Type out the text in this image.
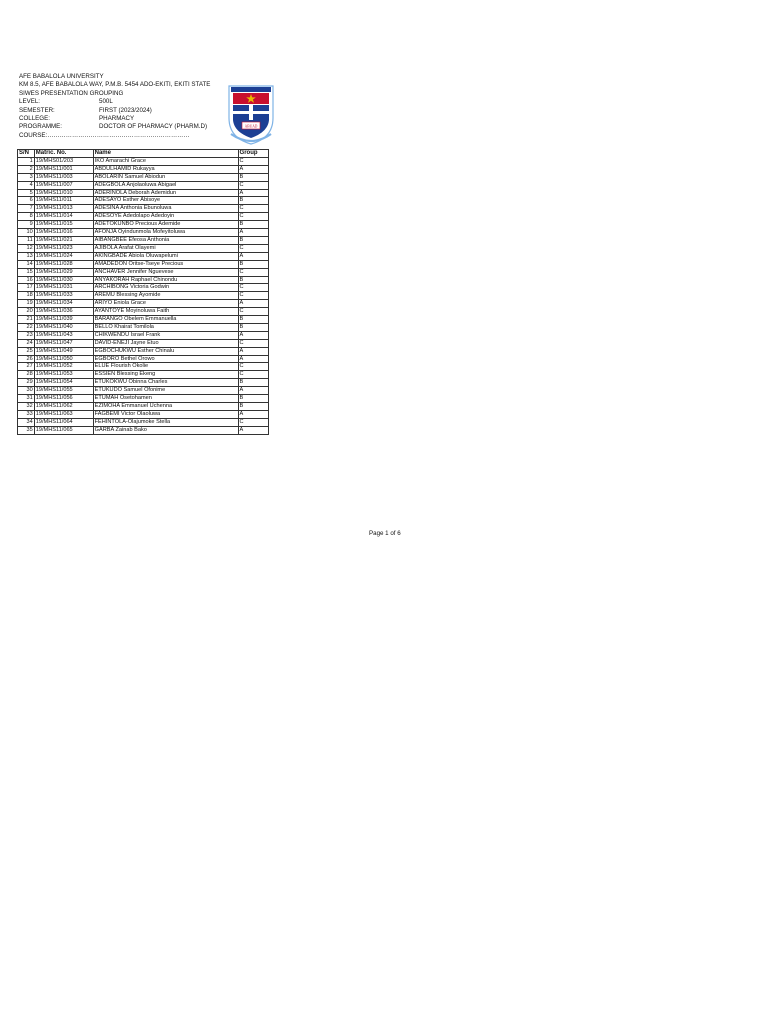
AFE BABALOLA UNIVERSITY
KM 8.5, AFE BABALOLA WAY, P.M.B. 5454 ADO-EKITI, EKITI STATE
SIWES PRESENTATION GROUPING
LEVEL:	500L
SEMESTER:	FIRST (2023/2024)
COLLEGE:	PHARMACY
PROGRAMME:	DOCTOR OF PHARMACY (PHARM.D)
COURSE:……………………………………………………………
ABUAD
S/N	Matric. No.	Name	Group
1	19/MHS01/203	IKO Amarachi Grace	C
2	19/MHS11/001	ABDULHAMID Rukayya	A
3	19/MHS11/003	ABOLARIN Samuel Abiodun	B
4	19/MHS11/007	ADEGBOLA Anjolaoluwa Abigael	C
5	19/MHS11/010	ADERINOLA Deborah Ademidun	A
6	19/MHS11/011	ADESAYO Esther Abisoye	B
7	19/MHS11/013	ADESINA Anthonia Ebunoluwa	C
8	19/MHS11/014	ADESOYE Adedolapo Adedoyin	C
9	19/MHS11/015	ADETOKUNBO Precious Ademide	B
10	19/MHS11/016	AFONJA Oyindunmola Mofeyitoluwa	A
11	19/MHS11/021	AIBANGBEE Efeosa Anthonia	B
12	19/MHS11/023	AJIBOLA Arafat Olayemi	C
13	19/MHS11/024	AKINGBADE Abiola Oluwapelumi	A
14	19/MHS11/028	AMADEDON Oritse-Tseye Precious	B
15	19/MHS11/029	ANCHAVER Jennifer Nguevese	C
16	19/MHS11/030	ANYAKORAH Raphael Chinondu	B
17	19/MHS11/031	ARCHIBONG Victoria Godwin	C
18	19/MHS11/033	AREMU Blessing Ayomide	C
19	19/MHS11/034	ARIYO Eniola Grace	A
20	19/MHS11/036	AYANTOYE Moyinoluwa Faith	C
21	19/MHS11/039	BARANGO Obelem Emmanuella	B
22	19/MHS11/040	BELLO Khairat Tomilola	B
23	19/MHS11/043	CHIKWENDU Israel Frank	A
24	19/MHS11/047	DAVID-ENEJI Jayne Etuo	C
25	19/MHS11/049	EGBOCHUKWU Esther Chinalu	A
26	19/MHS11/050	EGBORO Bethel Orowo	A
27	19/MHS11/052	ELUE Flourish Okolie	C
28	19/MHS11/053	ESSIEN Blessing Ekeng	C
29	19/MHS11/054	ETUKOKWU Obinna Charles	B
30	19/MHS11/055	ETUKUDO Samuel Ofonime	A
31	19/MHS11/056	ETUMAH Osetohamen	B
32	19/MHS11/062	EZIMOHA Emmanuel Uchenna	B
33	19/MHS11/063	FAGBEMI Victor Olaoluwa	A
34	19/MHS11/064	FEHINTOLA-Olajumoke Stella	C
35	19/MHS11/065	GARBA Zainab Bako	A
Page 1 of 6
